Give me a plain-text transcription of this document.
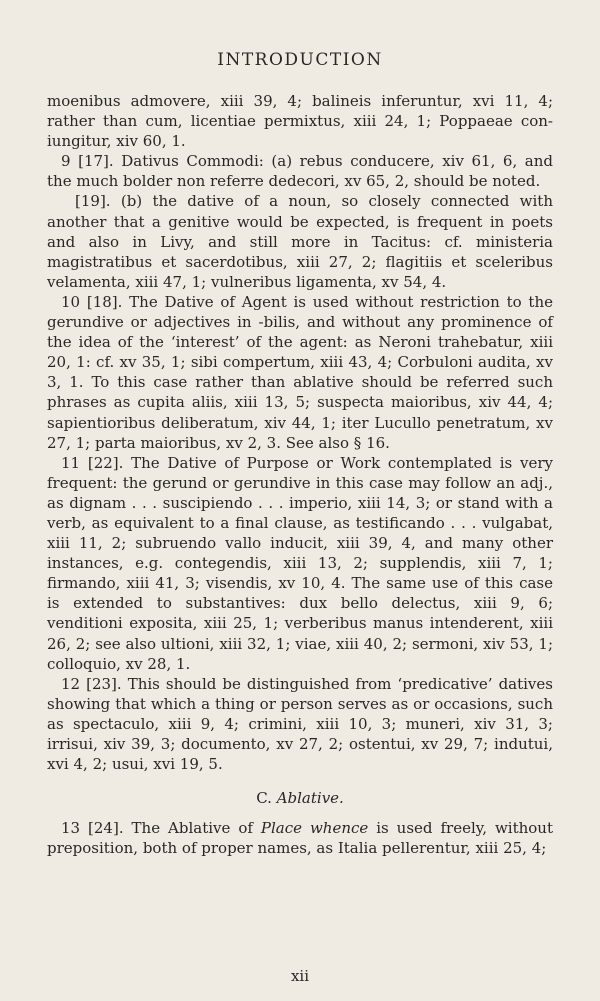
INTRODUCTION

moenibus admovere, xiii 39, 4; balineis inferuntur, xvi 11, 4; rather than cum, licentiae permixtus, xiii 24, 1; Poppaeae coniungitur, xiv 60, 1.

9 [17]. Dativus Commodi: (a) rebus conducere, xiv 61, 6, and the much bolder non referre dedecori, xv 65, 2, should be noted.

[19]. (b) the dative of a noun, so closely connected with another that a genitive would be expected, is frequent in poets and also in Livy, and still more in Tacitus: cf. ministeria magistratibus et sacerdotibus, xiii 27, 2; flagitiis et sceleribus velamenta, xiii 47, 1; vulneribus ligamenta, xv 54, 4.

10 [18]. The Dative of Agent is used without restriction to the gerundive or adjectives in -bilis, and without any prominence of the idea of the ‘interest’ of the agent: as Neroni trahebatur, xiii 20, 1: cf. xv 35, 1; sibi compertum, xiii 43, 4; Corbuloni audita, xv 3, 1. To this case rather than ablative should be referred such phrases as cupita aliis, xiii 13, 5; suspecta maioribus, xiv 44, 4; sapientioribus deliberatum, xiv 44, 1; iter Lucullo penetratum, xv 27, 1; parta maioribus, xv 2, 3. See also § 16.

11 [22]. The Dative of Purpose or Work contemplated is very frequent: the gerund or gerundive in this case may follow an adj., as dignam . . . suscipiendo . . . imperio, xiii 14, 3; or stand with a verb, as equivalent to a final clause, as testificando . . . vulgabat, xiii 11, 2; subruendo vallo inducit, xiii 39, 4, and many other instances, e.g. contegendis, xiii 13, 2; supplendis, xiii 7, 1; firmando, xiii 41, 3; visendis, xv 10, 4. The same use of this case is extended to substantives: dux bello delectus, xiii 9, 6; venditioni exposita, xiii 25, 1; verberibus manus intenderent, xiii 26, 2; see also ultioni, xiii 32, 1; viae, xiii 40, 2; sermoni, xiv 53, 1; colloquio, xv 28, 1.

12 [23]. This should be distinguished from ‘predicative’ datives showing that which a thing or person serves as or occasions, such as spectaculo, xiii 9, 4; crimini, xiii 10, 3; muneri, xiv 31, 3; irrisui, xiv 39, 3; documento, xv 27, 2; ostentui, xv 29, 7; indutui, xvi 4, 2; usui, xvi 19, 5.

C. Ablative.

13 [24]. The Ablative of Place whence is used freely, without preposition, both of proper names, as Italia pellerentur, xiii 25, 4;

xii
